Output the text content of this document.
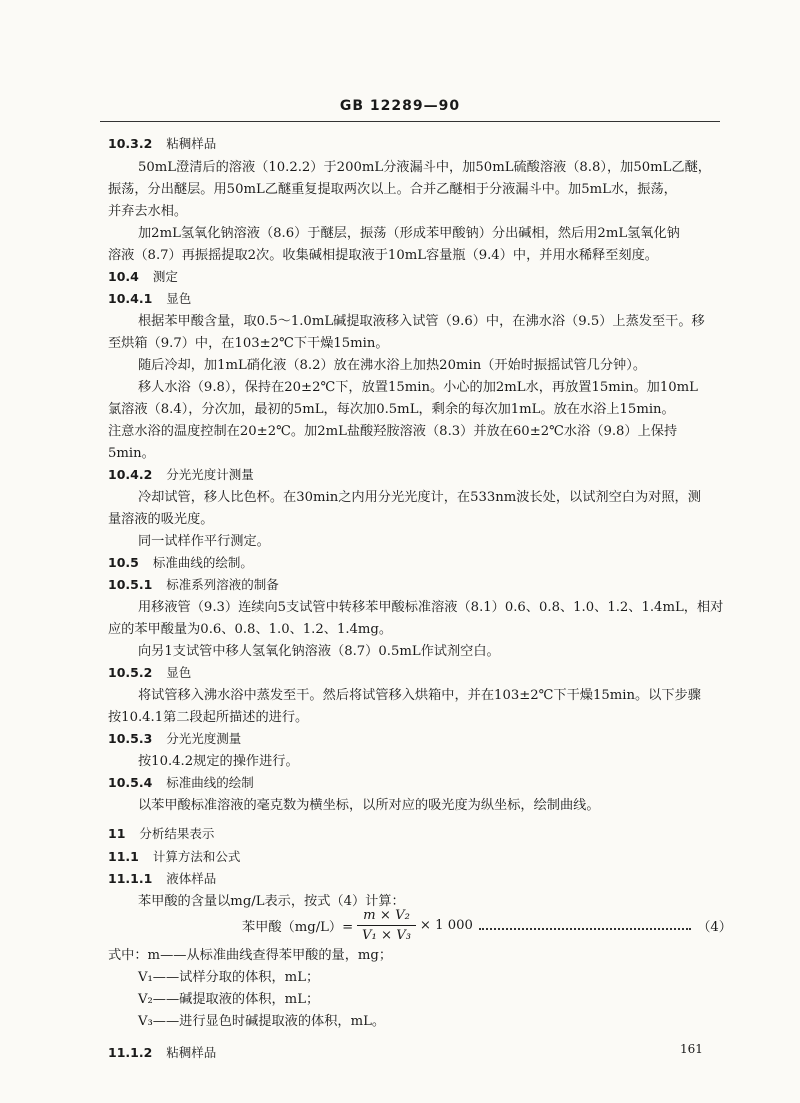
GB 12289—90
10.3.2 粘稠样品
50mL澄清后的溶液（10.2.2）于200mL分液漏斗中，加50mL硫酸溶液（8.8），加50mL乙醚，
振荡，分出醚层。用50mL乙醚重复提取两次以上。合并乙醚相于分液漏斗中。加5mL水，振荡，
并弃去水相。
加2mL氢氧化钠溶液（8.6）于醚层，振荡（形成苯甲酸钠）分出碱相，然后用2mL氢氧化钠
溶液（8.7）再振摇提取2次。收集碱相提取液于10mL容量瓶（9.4）中，并用水稀释至刻度。
10.4 测定
10.4.1 显色
根据苯甲酸含量，取0.5～1.0mL碱提取液移入试管（9.6）中，在沸水浴（9.5）上蒸发至干。移
至烘箱（9.7）中，在103±2℃下干燥15min。
随后冷却，加1mL硝化液（8.2）放在沸水浴上加热20min（开始时振摇试管几分钟）。
移人水浴（9.8），保持在20±2℃下，放置15min。小心的加2mL水，再放置15min。加10mL
氯溶液（8.4），分次加，最初的5mL，每次加0.5mL，剩余的每次加1mL。放在水浴上15min。
注意水浴的温度控制在20±2℃。加2mL盐酸羟胺溶液（8.3）并放在60±2℃水浴（9.8）上保持
5min。
10.4.2 分光光度计测量
冷却试管，移人比色杯。在30min之内用分光光度计，在533nm波长处，以试剂空白为对照，测
量溶液的吸光度。
同一试样作平行测定。
10.5 标准曲线的绘制。
10.5.1 标准系列溶液的制备
用移液管（9.3）连续向5支试管中转移苯甲酸标准溶液（8.1）0.6、0.8、1.0、1.2、1.4mL，相对
应的苯甲酸量为0.6、0.8、1.0、1.2、1.4mg。
向另1支试管中移人氢氧化钠溶液（8.7）0.5mL作试剂空白。
10.5.2 显色
将试管移入沸水浴中蒸发至干。然后将试管移入烘箱中，并在103±2℃下干燥15min。以下步骤
按10.4.1第二段起所描述的进行。
10.5.3 分光光度测量
按10.4.2规定的操作进行。
10.5.4 标准曲线的绘制
以苯甲酸标准溶液的毫克数为横坐标，以所对应的吸光度为纵坐标，绘制曲线。
11 分析结果表示
11.1 计算方法和公式
11.1.1 液体样品
苯甲酸的含量以mg/L表示，按式（4）计算：
式中：m——从标准曲线查得苯甲酸的量，mg；
V₁——试样分取的体积，mL；
V₂——碱提取液的体积，mL；
V₃——进行显色时碱提取液的体积，mL。
11.1.2 粘稠样品
苯甲酸$(mg/L)= \frac{\text{m × V₂}}{\text{V₁ × V₃}} \times 1$ 000	（4）
161
